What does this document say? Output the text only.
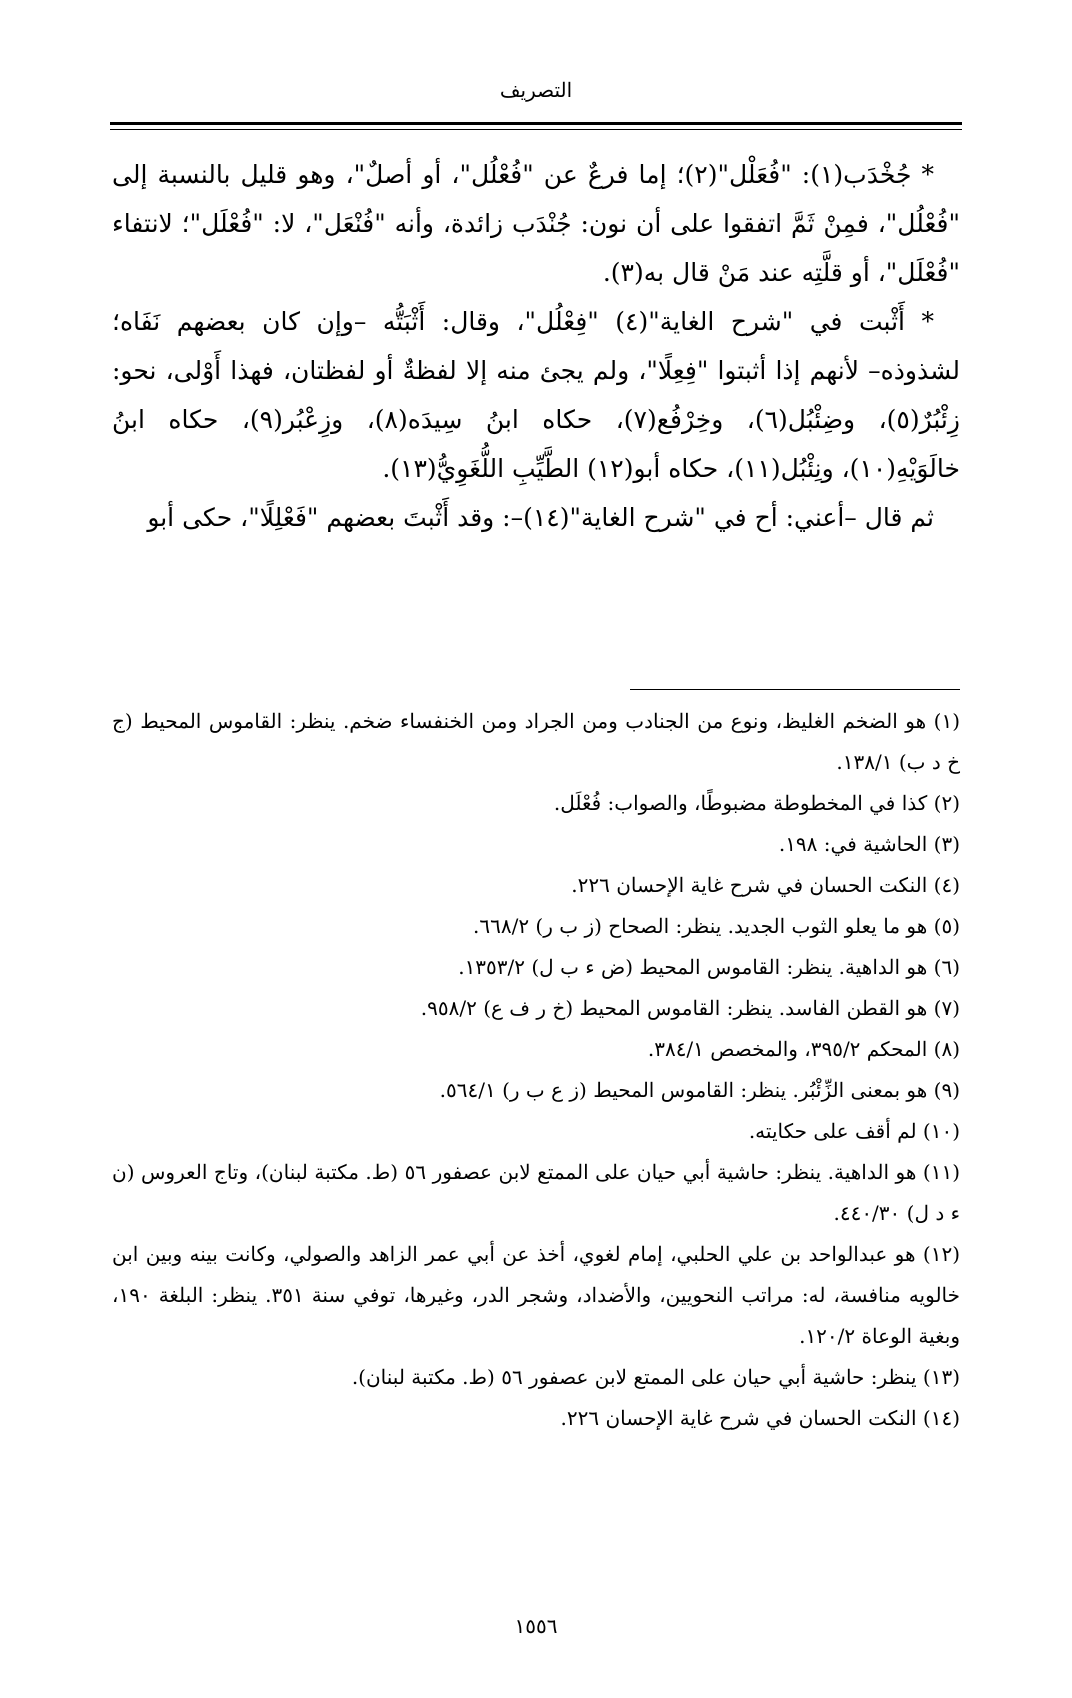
التصريف

* جُخْدَب(١): "فُعَلْل"(٢)؛ إما فرعٌ عن "فُعْلُل"، أو أصلٌ"، وهو قليل بالنسبة إلى "فُعْلُل"، فمِنْ ثَمَّ اتفقوا على أن نون: جُنْدَب زائدة، وأنه "فُنْعَل"، لا: "فُعْلَل"؛ لانتفاء "فُعْلَل"، أو قلَّتِه عند مَنْ قال به(٣).

* أَثْبت في "شرح الغاية"(٤) "فِعْلُل"، وقال: أَثْبَتُّه –وإن كان بعضهم نَفَاه؛ لشذوذه– لأنهم إذا أثبتوا "فِعِلًا"، ولم يجئ منه إلا لفظةٌ أو لفظتان، فهذا أَوْلى، نحو: زِئْبُرٌ(٥)، وضِئْبُل(٦)، وخِرْفُع(٧)، حكاه ابنُ سِيدَه(٨)، وزِعْبُر(٩)، حكاه ابنُ خالَوَيْهِ(١٠)، ونِئْبُل(١١)، حكاه أبو(١٢) الطَّيِّبِ اللُّغَوِيُّ(١٣).

ثم قال –أعني: أح في "شرح الغاية"(١٤)–: وقد أَثْبتَ بعضهم "فَعْلِلًا"، حكى أبو

(١) هو الضخم الغليظ، ونوع من الجنادب ومن الجراد ومن الخنفساء ضخم. ينظر: القاموس المحيط (ج خ د ب) ١٣٨/١.

(٢) كذا في المخطوطة مضبوطًا، والصواب: فُعْلَل.

(٣) الحاشية في: ١٩٨.

(٤) النكت الحسان في شرح غاية الإحسان ٢٢٦.

(٥) هو ما يعلو الثوب الجديد. ينظر: الصحاح (ز ب ر) ٦٦٨/٢.

(٦) هو الداهية. ينظر: القاموس المحيط (ض ء ب ل) ١٣٥٣/٢.

(٧) هو القطن الفاسد. ينظر: القاموس المحيط (خ ر ف ع) ٩٥٨/٢.

(٨) المحكم ٣٩٥/٢، والمخصص ٣٨٤/١.

(٩) هو بمعنى الزِّئْبُر. ينظر: القاموس المحيط (ز ع ب ر) ٥٦٤/١.

(١٠) لم أقف على حكايته.

(١١) هو الداهية. ينظر: حاشية أبي حيان على الممتع لابن عصفور ٥٦ (ط. مكتبة لبنان)، وتاج العروس (ن ء د ل) ٤٤٠/٣٠.

(١٢) هو عبدالواحد بن علي الحلبي، إمام لغوي، أخذ عن أبي عمر الزاهد والصولي، وكانت بينه وبين ابن خالويه منافسة، له: مراتب النحويين، والأضداد، وشجر الدر، وغيرها، توفي سنة ٣٥١. ينظر: البلغة ١٩٠، وبغية الوعاة ١٢٠/٢.

(١٣) ينظر: حاشية أبي حيان على الممتع لابن عصفور ٥٦ (ط. مكتبة لبنان).

(١٤) النكت الحسان في شرح غاية الإحسان ٢٢٦.

١٥٥٦
